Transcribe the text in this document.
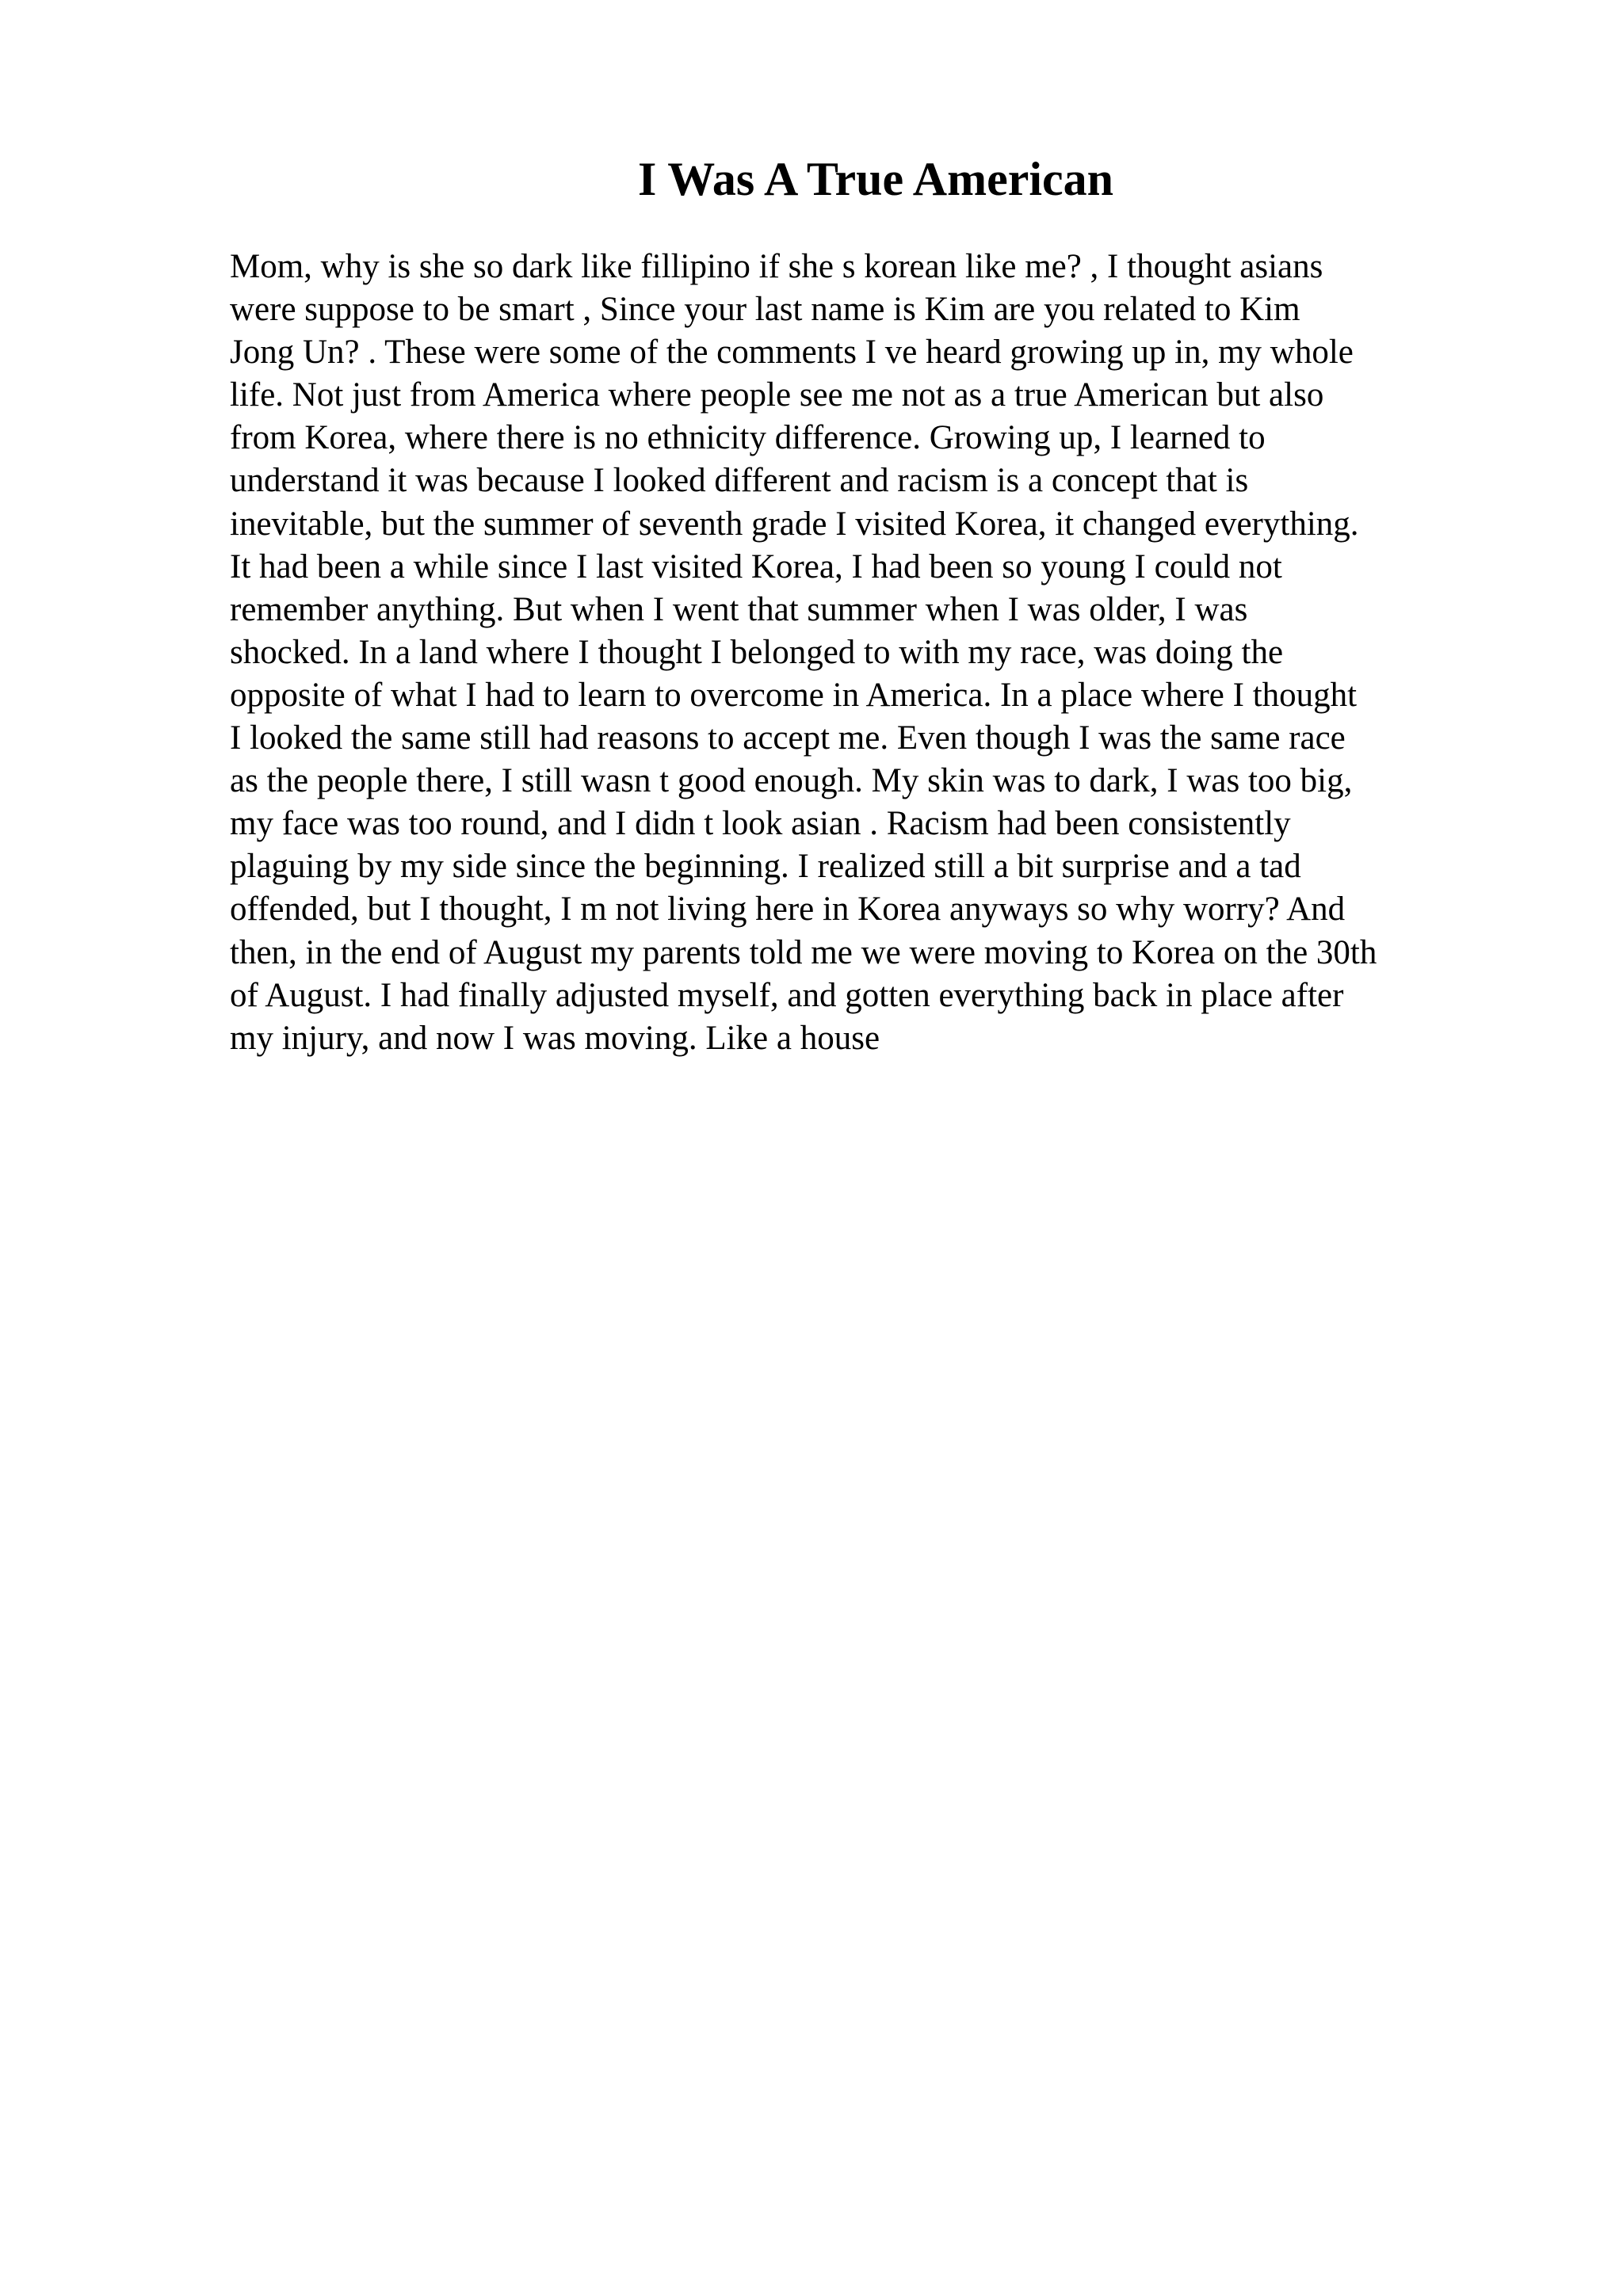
I Was A True American
Mom, why is she so dark like fillipino if she s korean like me? , I thought asians
were suppose to be smart , Since your last name is Kim are you related to Kim
Jong Un? . These were some of the comments I ve heard growing up in, my whole
life. Not just from America where people see me not as a true American but also
from Korea, where there is no ethnicity difference. Growing up, I learned to
understand it was because I looked different and racism is a concept that is
inevitable, but the summer of seventh grade I visited Korea, it changed everything.
It had been a while since I last visited Korea, I had been so young I could not
remember anything. But when I went that summer when I was older, I was
shocked. In a land where I thought I belonged to with my race, was doing the
opposite of what I had to learn to overcome in America. In a place where I thought
I looked the same still had reasons to accept me. Even though I was the same race
as the people there, I still wasn t good enough. My skin was to dark, I was too big,
my face was too round, and I didn t look asian . Racism had been consistently
plaguing by my side since the beginning. I realized still a bit surprise and a tad
offended, but I thought, I m not living here in Korea anyways so why worry? And
then, in the end of August my parents told me we were moving to Korea on the 30th
of August. I had finally adjusted myself, and gotten everything back in place after
my injury, and now I was moving. Like a house
